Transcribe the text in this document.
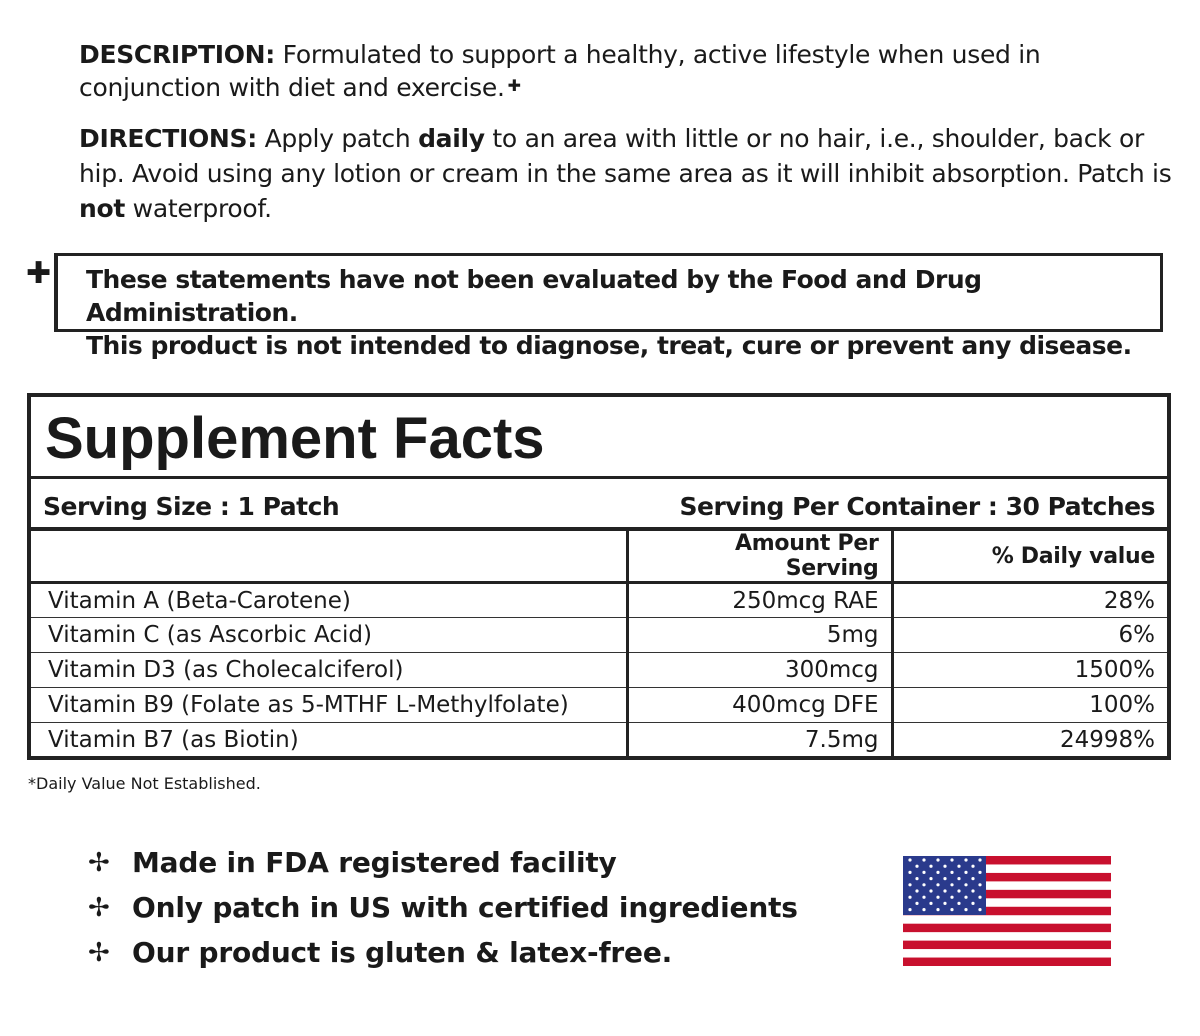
DESCRIPTION: Formulated to support a healthy, active lifestyle when used in conjunction with diet and exercise. ✚
DIRECTIONS: Apply patch daily to an area with little or no hair, i.e., shoulder, back or hip. Avoid using any lotion or cream in the same area as it will inhibit absorption. Patch is not waterproof.
✚ These statements have not been evaluated by the Food and Drug Administration.
This product is not intended to diagnose, treat, cure or prevent any disease.
Supplement Facts
Serving Size : 1 Patch	Serving Per Container : 30 Patches
	Amount Per Serving	% Daily value
Vitamin A (Beta-Carotene)	250mcg RAE	28%
Vitamin C (as Ascorbic Acid)	5mg	6%
Vitamin D3 (as Cholecalciferol)	300mcg	1500%
Vitamin B9 (Folate as 5-MTHF L-Methylfolate)	400mcg DFE	100%
Vitamin B7 (as Biotin)	7.5mg	24998%
*Daily Value Not Established.
✢ Made in FDA registered facility
✢ Only patch in US with certified ingredients
✢ Our product is gluten & latex-free.
